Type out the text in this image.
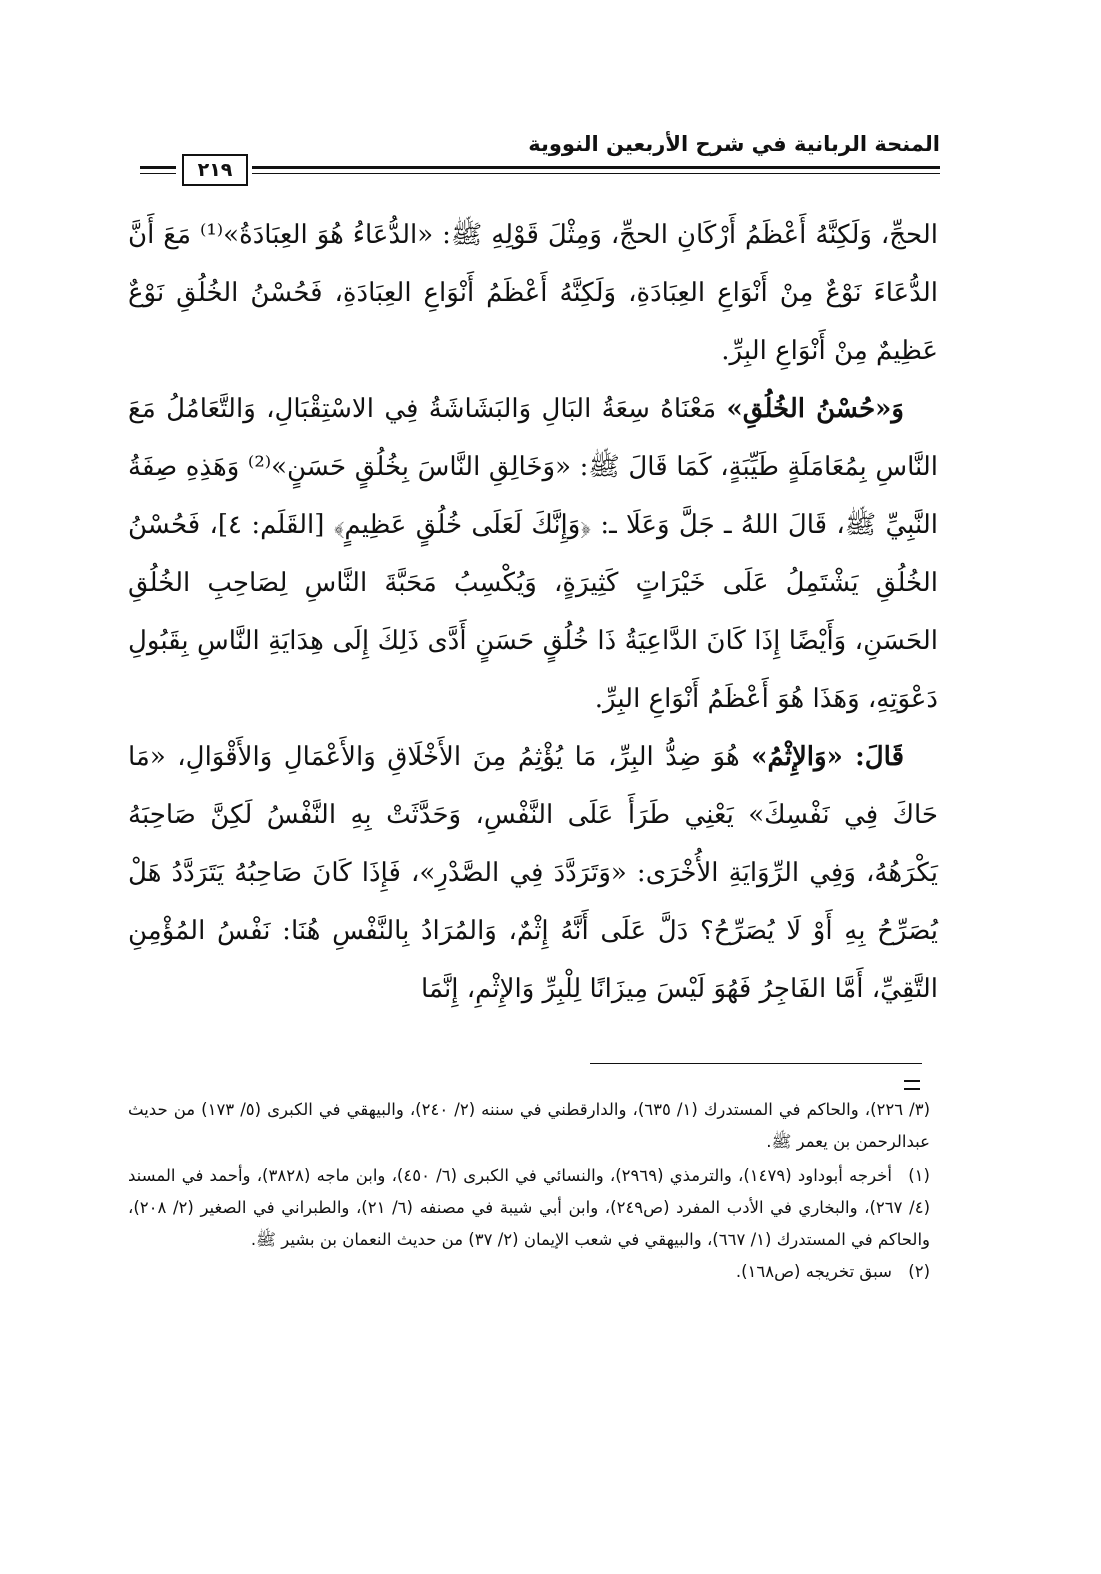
المنحة الربانية في شرح الأربعين النووية
٢١٩

الحجِّ، وَلَكِنَّهُ أَعْظَمُ أَرْكَانِ الحجِّ، وَمِثْلَ قَوْلِهِ ﷺ: «الدُّعَاءُ هُوَ العِبَادَةُ»⁽¹⁾ مَعَ أَنَّ الدُّعَاءَ نَوْعٌ مِنْ أَنْوَاعِ العِبَادَةِ، وَلَكِنَّهُ أَعْظَمُ أَنْوَاعِ العِبَادَةِ، فَحُسْنُ الخُلُقِ نَوْعٌ عَظِيمٌ مِنْ أَنْوَاعِ البِرِّ.

وَ«حُسْنُ الخُلُقِ» مَعْنَاهُ سِعَةُ البَالِ وَالبَشَاشَةُ فِي الاسْتِقْبَالِ، وَالتَّعَامُلُ مَعَ النَّاسِ بِمُعَامَلَةٍ طَيِّبَةٍ، كَمَا قَالَ ﷺ: «وَخَالِقِ النَّاسَ بِخُلُقٍ حَسَنٍ»⁽²⁾ وَهَذِهِ صِفَةُ النَّبِيِّ ﷺ، قَالَ اللهُ ـ جَلَّ وَعَلَا ـ: ﴿وَإِنَّكَ لَعَلَى خُلُقٍ عَظِيمٍ﴾ [القَلَم: ٤]، فَحُسْنُ الخُلُقِ يَشْتَمِلُ عَلَى خَيْرَاتٍ كَثِيرَةٍ، وَيُكْسِبُ مَحَبَّةَ النَّاسِ لِصَاحِبِ الخُلُقِ الحَسَنِ، وَأَيْضًا إِذَا كَانَ الدَّاعِيَةُ ذَا خُلُقٍ حَسَنٍ أَدَّى ذَلِكَ إِلَى هِدَايَةِ النَّاسِ بِقَبُولِ دَعْوَتِهِ، وَهَذَا هُوَ أَعْظَمُ أَنْوَاعِ البِرِّ.

قَالَ: «وَالإِثْمُ» هُوَ ضِدُّ البِرِّ، مَا يُؤْثِمُ مِنَ الأَخْلَاقِ وَالأَعْمَالِ وَالأَقْوَالِ، «مَا حَاكَ فِي نَفْسِكَ» يَعْنِي طَرَأَ عَلَى النَّفْسِ، وَحَدَّثَتْ بِهِ النَّفْسُ لَكِنَّ صَاحِبَهُ يَكْرَهُهُ، وَفِي الرِّوَايَةِ الأُخْرَى: «وَتَرَدَّدَ فِي الصَّدْرِ»، فَإِذَا كَانَ صَاحِبُهُ يَتَرَدَّدُ هَلْ يُصَرِّحُ بِهِ أَوْ لَا يُصَرِّحُ؟ دَلَّ عَلَى أَنَّهُ إِثْمٌ، وَالمُرَادُ بِالنَّفْسِ هُنَا: نَفْسُ المُؤْمِنِ التَّقِيِّ، أَمَّا الفَاجِرُ فَهُوَ لَيْسَ مِيزَانًا لِلْبِرِّ وَالإِثْمِ، إِنَّمَا

(٣/ ٢٢٦)، والحاكم في المستدرك (١/ ٦٣٥)، والدارقطني في سننه (٢/ ٢٤٠)، والبيهقي في الكبرى (٥/ ١٧٣) من حديث عبدالرحمن بن يعمر ﷺ.

(١)أخرجه أبوداود (١٤٧٩)، والترمذي (٢٩٦٩)، والنسائي في الكبرى (٦/ ٤٥٠)، وابن ماجه (٣٨٢٨)، وأحمد في المسند (٤/ ٢٦٧)، والبخاري في الأدب المفرد (ص٢٤٩)، وابن أبي شيبة في مصنفه (٦/ ٢١)، والطبراني في الصغير (٢/ ٢٠٨)، والحاكم في المستدرك (١/ ٦٦٧)، والبيهقي في شعب الإيمان (٢/ ٣٧) من حديث النعمان بن بشير ﷺ.

(٢)سبق تخريجه (ص١٦٨).
